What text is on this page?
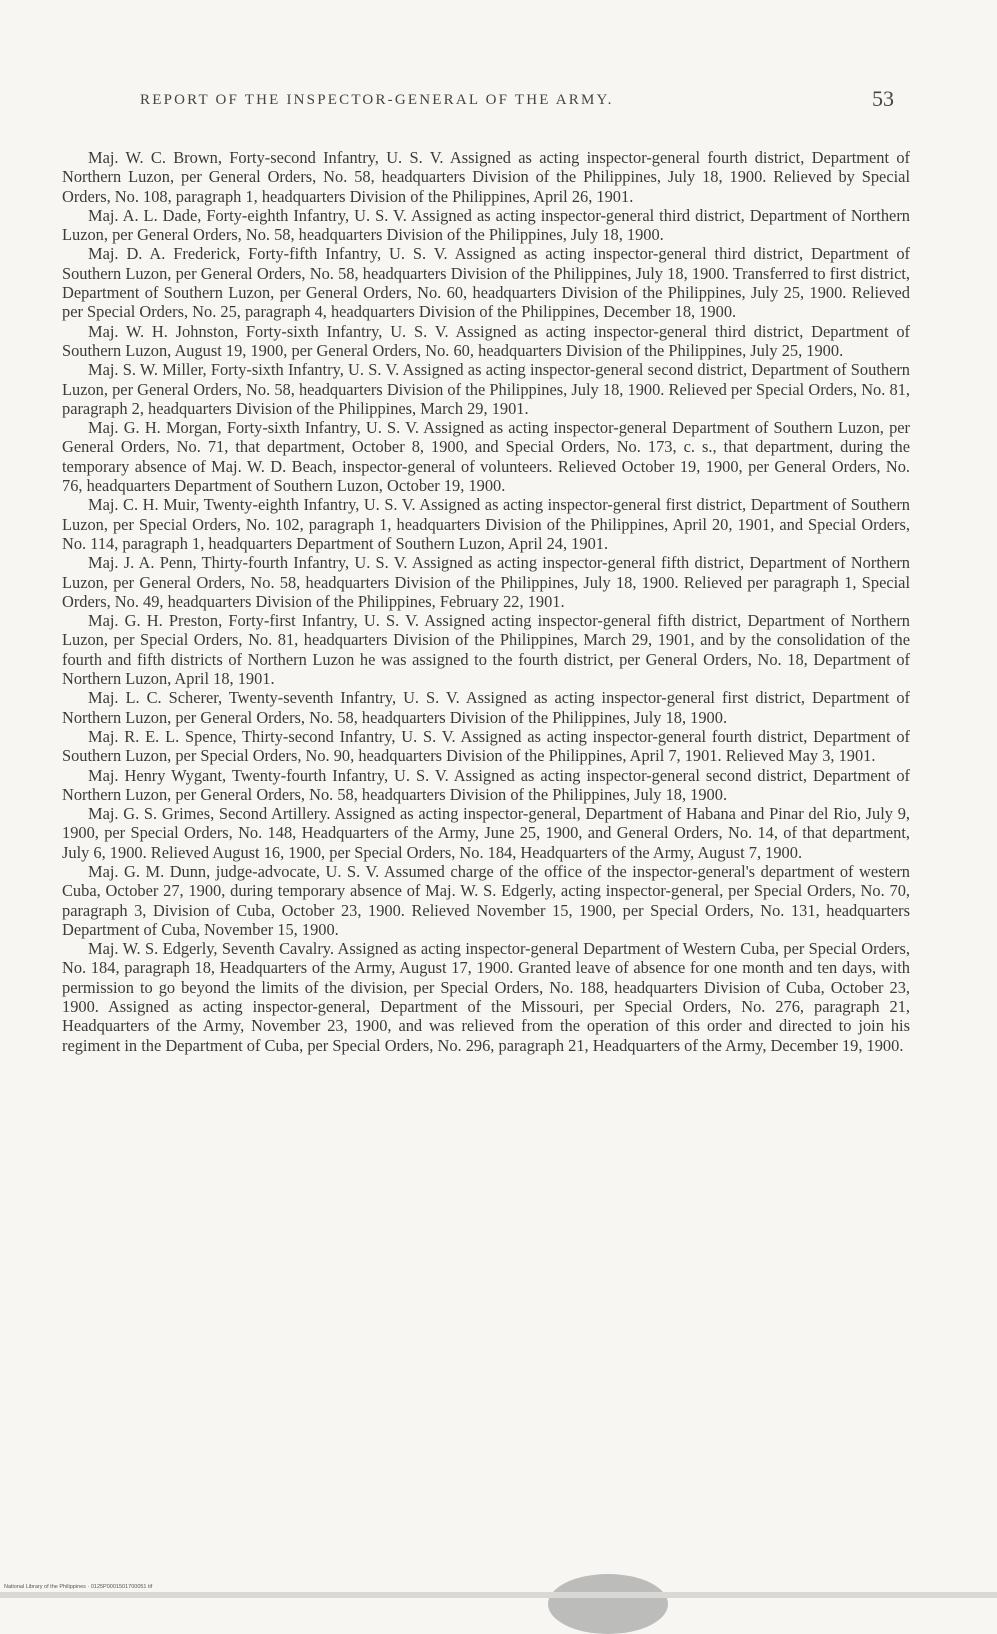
REPORT OF THE INSPECTOR-GENERAL OF THE ARMY.	53

Maj. W. C. Brown, Forty-second Infantry, U. S. V. Assigned as acting inspector-general fourth district, Department of Northern Luzon, per General Orders, No. 58, headquarters Division of the Philippines, July 18, 1900. Relieved by Special Orders, No. 108, paragraph 1, headquarters Division of the Philippines, April 26, 1901.

Maj. A. L. Dade, Forty-eighth Infantry, U. S. V. Assigned as acting inspector-general third district, Department of Northern Luzon, per General Orders, No. 58, headquarters Division of the Philippines, July 18, 1900.

Maj. D. A. Frederick, Forty-fifth Infantry, U. S. V. Assigned as acting inspector-general third district, Department of Southern Luzon, per General Orders, No. 58, headquarters Division of the Philippines, July 18, 1900. Transferred to first district, Department of Southern Luzon, per General Orders, No. 60, headquarters Division of the Philippines, July 25, 1900. Relieved per Special Orders, No. 25, paragraph 4, headquarters Division of the Philippines, December 18, 1900.

Maj. W. H. Johnston, Forty-sixth Infantry, U. S. V. Assigned as acting inspector-general third district, Department of Southern Luzon, August 19, 1900, per General Orders, No. 60, headquarters Division of the Philippines, July 25, 1900.

Maj. S. W. Miller, Forty-sixth Infantry, U. S. V. Assigned as acting inspector-general second district, Department of Southern Luzon, per General Orders, No. 58, headquarters Division of the Philippines, July 18, 1900. Relieved per Special Orders, No. 81, paragraph 2, headquarters Division of the Philippines, March 29, 1901.

Maj. G. H. Morgan, Forty-sixth Infantry, U. S. V. Assigned as acting inspector-general Department of Southern Luzon, per General Orders, No. 71, that department, October 8, 1900, and Special Orders, No. 173, c. s., that department, during the temporary absence of Maj. W. D. Beach, inspector-general of volunteers. Relieved October 19, 1900, per General Orders, No. 76, headquarters Department of Southern Luzon, October 19, 1900.

Maj. C. H. Muir, Twenty-eighth Infantry, U. S. V. Assigned as acting inspector-general first district, Department of Southern Luzon, per Special Orders, No. 102, paragraph 1, headquarters Division of the Philippines, April 20, 1901, and Special Orders, No. 114, paragraph 1, headquarters Department of Southern Luzon, April 24, 1901.

Maj. J. A. Penn, Thirty-fourth Infantry, U. S. V. Assigned as acting inspector-general fifth district, Department of Northern Luzon, per General Orders, No. 58, headquarters Division of the Philippines, July 18, 1900. Relieved per paragraph 1, Special Orders, No. 49, headquarters Division of the Philippines, February 22, 1901.

Maj. G. H. Preston, Forty-first Infantry, U. S. V. Assigned acting inspector-general fifth district, Department of Northern Luzon, per Special Orders, No. 81, headquarters Division of the Philippines, March 29, 1901, and by the consolidation of the fourth and fifth districts of Northern Luzon he was assigned to the fourth district, per General Orders, No. 18, Department of Northern Luzon, April 18, 1901.

Maj. L. C. Scherer, Twenty-seventh Infantry, U. S. V. Assigned as acting inspector-general first district, Department of Northern Luzon, per General Orders, No. 58, headquarters Division of the Philippines, July 18, 1900.

Maj. R. E. L. Spence, Thirty-second Infantry, U. S. V. Assigned as acting inspector-general fourth district, Department of Southern Luzon, per Special Orders, No. 90, headquarters Division of the Philippines, April 7, 1901. Relieved May 3, 1901.

Maj. Henry Wygant, Twenty-fourth Infantry, U. S. V. Assigned as acting inspector-general second district, Department of Northern Luzon, per General Orders, No. 58, headquarters Division of the Philippines, July 18, 1900.

Maj. G. S. Grimes, Second Artillery. Assigned as acting inspector-general, Department of Habana and Pinar del Rio, July 9, 1900, per Special Orders, No. 148, Headquarters of the Army, June 25, 1900, and General Orders, No. 14, of that department, July 6, 1900. Relieved August 16, 1900, per Special Orders, No. 184, Headquarters of the Army, August 7, 1900.

Maj. G. M. Dunn, judge-advocate, U. S. V. Assumed charge of the office of the inspector-general's department of western Cuba, October 27, 1900, during temporary absence of Maj. W. S. Edgerly, acting inspector-general, per Special Orders, No. 70, paragraph 3, Division of Cuba, October 23, 1900. Relieved November 15, 1900, per Special Orders, No. 131, headquarters Department of Cuba, November 15, 1900.

Maj. W. S. Edgerly, Seventh Cavalry. Assigned as acting inspector-general Department of Western Cuba, per Special Orders, No. 184, paragraph 18, Headquarters of the Army, August 17, 1900. Granted leave of absence for one month and ten days, with permission to go beyond the limits of the division, per Special Orders, No. 188, headquarters Division of Cuba, October 23, 1900. Assigned as acting inspector-general, Department of the Missouri, per Special Orders, No. 276, paragraph 21, Headquarters of the Army, November 23, 1900, and was relieved from the operation of this order and directed to join his regiment in the Department of Cuba, per Special Orders, No. 296, paragraph 21, Headquarters of the Army, December 19, 1900.

National Library of the Philippines · 0125P0001501700051 tif
